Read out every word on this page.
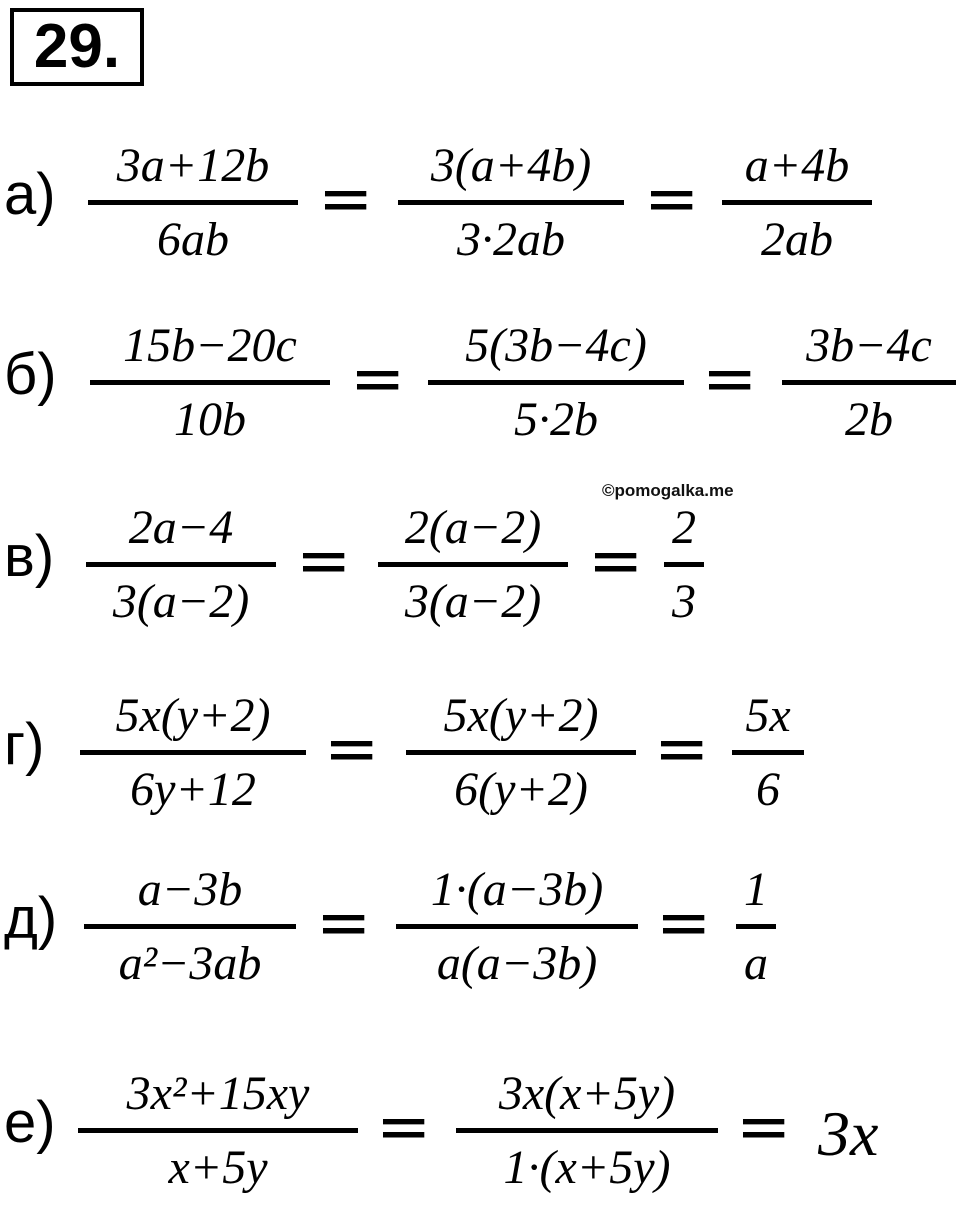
29.
©pomogalka.me
а)	3a+12b
6ab
=	3(a+4b)
3·2ab
= a+4b
2ab
б)	15b−20c
10b
=	5(3b−4c)
5·2b
=	3b−4c
2b
в)	2a−4
3(a−2)
=	2(a−2)
3(a−2)
= 2
3
г)	5x(y+2)
6y+12
=	5x(y+2)
6(y+2)
= 5x
6
д)	a−3b
a²−3ab
=	1·(a−3b)
a(a−3b)
= 1
a
е)	3x²+15xy
x+5y
=	3x(x+5y)
1·(x+5y)
= 3x
